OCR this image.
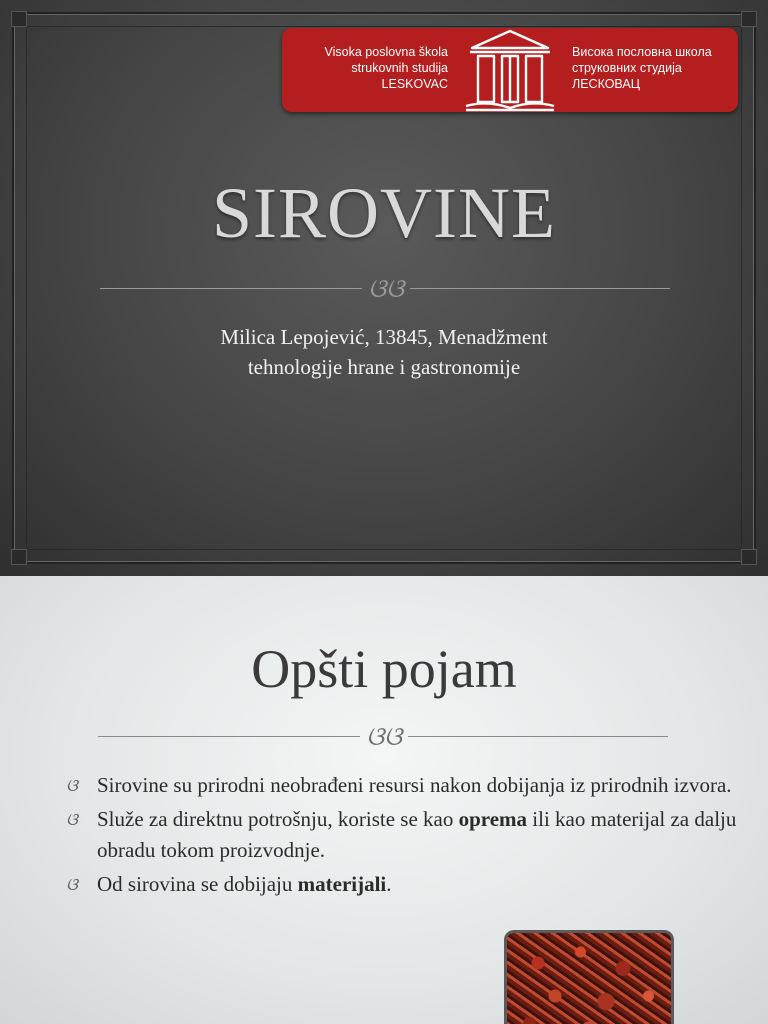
Visoka poslovna škola
strukovnih studija
LESKOVAC
Висока пословна школа
струковних студија
ЛЕСКОВАЦ
SIROVINE
ଓଓ
Milica Lepojević, 13845, Menadžment
tehnologije hrane i gastronomije
Opšti pojam
ଓଓ
ଓ Sirovine su prirodni neobrađeni resursi nakon dobijanja iz prirodnih izvora.
ଓ Služe za direktnu potrošnju, koriste se kao oprema ili kao materijal za dalju obradu tokom proizvodnje.
ଓ Od sirovina se dobijaju materijali.
